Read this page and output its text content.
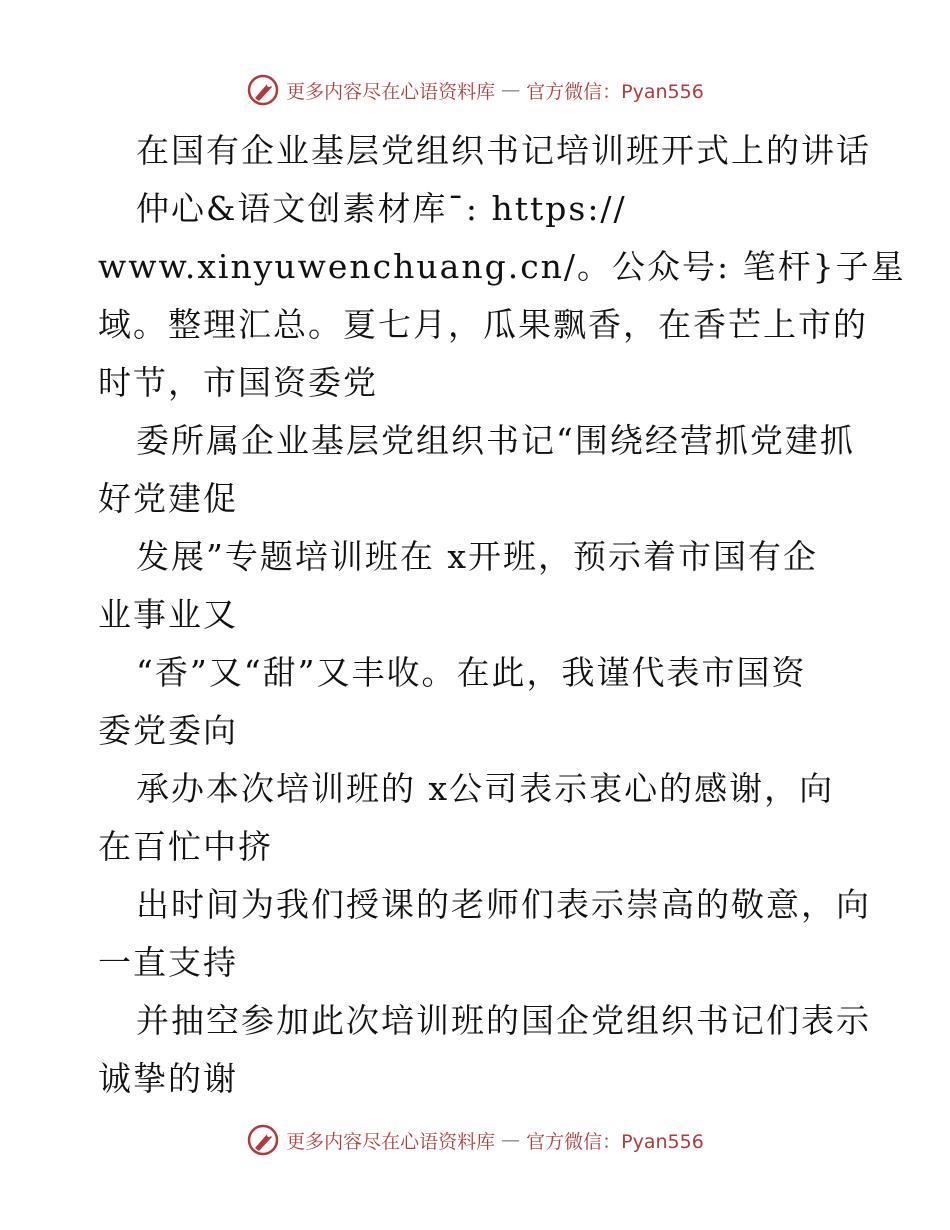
更多内容尽在心语资料库 — 官方微信：Pyan556
在国有企业基层党组织书记培训班开式上的讲话
仲心&语文创素材库¯: https://
www.xinyuwenchuang.cn/。公众号: 笔杆}子星
域。整理汇总。夏七月，瓜果飘香，在香芒上市的
时节，市国资委党
委所属企业基层党组织书记“围绕经营抓党建抓
好党建促
发展”专题培训班在 x开班，预示着市国有企
业事业又
“香”又“甜”又丰收。在此，我谨代表市国资
委党委向
承办本次培训班的 x公司表示衷心的感谢，向
在百忙中挤
出时间为我们授课的老师们表示崇高的敬意，向
一直支持
并抽空参加此次培训班的国企党组织书记们表示
诚挚的谢
更多内容尽在心语资料库 — 官方微信：Pyan556
